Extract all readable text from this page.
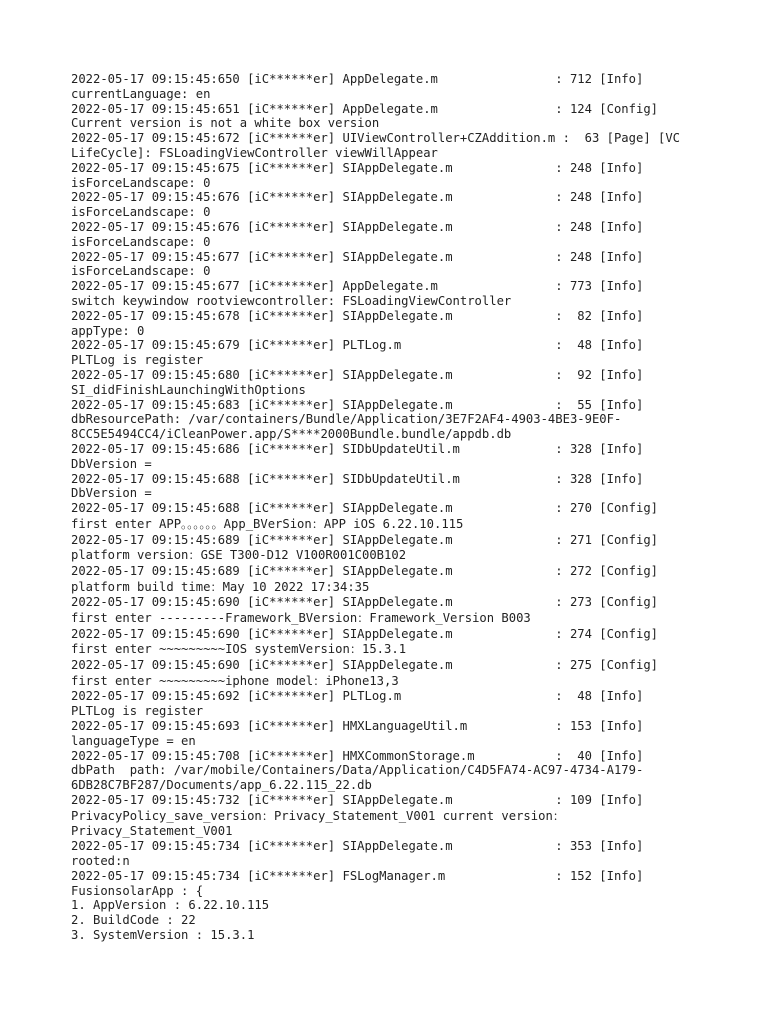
2022-05-17 09:15:45:650 [iC******er] AppDelegate.m                : 712 [Info]
currentLanguage: en
2022-05-17 09:15:45:651 [iC******er] AppDelegate.m                : 124 [Config]
Current version is not a white box version
2022-05-17 09:15:45:672 [iC******er] UIViewController+CZAddition.m :  63 [Page] [VC
LifeCycle]: FSLoadingViewController viewWillAppear
2022-05-17 09:15:45:675 [iC******er] SIAppDelegate.m              : 248 [Info]
isForceLandscape: 0
2022-05-17 09:15:45:676 [iC******er] SIAppDelegate.m              : 248 [Info]
isForceLandscape: 0
2022-05-17 09:15:45:676 [iC******er] SIAppDelegate.m              : 248 [Info]
isForceLandscape: 0
2022-05-17 09:15:45:677 [iC******er] SIAppDelegate.m              : 248 [Info]
isForceLandscape: 0
2022-05-17 09:15:45:677 [iC******er] AppDelegate.m                : 773 [Info]
switch keywindow rootviewcontroller: FSLoadingViewController
2022-05-17 09:15:45:678 [iC******er] SIAppDelegate.m              :  82 [Info]
appType: 0
2022-05-17 09:15:45:679 [iC******er] PLTLog.m                     :  48 [Info]
PLTLog is register
2022-05-17 09:15:45:680 [iC******er] SIAppDelegate.m              :  92 [Info]
SI_didFinishLaunchingWithOptions
2022-05-17 09:15:45:683 [iC******er] SIAppDelegate.m              :  55 [Info]
dbResourcePath: /var/containers/Bundle/Application/3E7F2AF4-4903-4BE3-9E0F-
8CC5E5494CC4/iCleanPower.app/S****2000Bundle.bundle/appdb.db
2022-05-17 09:15:45:686 [iC******er] SIDbUpdateUtil.m             : 328 [Info]
DbVersion =
2022-05-17 09:15:45:688 [iC******er] SIDbUpdateUtil.m             : 328 [Info]
DbVersion =
2022-05-17 09:15:45:688 [iC******er] SIAppDelegate.m              : 270 [Config]
first enter APP。。。。。。App_BVerSion：APP iOS 6.22.10.115
2022-05-17 09:15:45:689 [iC******er] SIAppDelegate.m              : 271 [Config]
platform version：GSE T300-D12 V100R001C00B102
2022-05-17 09:15:45:689 [iC******er] SIAppDelegate.m              : 272 [Config]
platform build time：May 10 2022 17:34:35
2022-05-17 09:15:45:690 [iC******er] SIAppDelegate.m              : 273 [Config]
first enter ---------Framework_BVersion：Framework_Version B003
2022-05-17 09:15:45:690 [iC******er] SIAppDelegate.m              : 274 [Config]
first enter ~~~~~~~~~IOS systemVersion：15.3.1
2022-05-17 09:15:45:690 [iC******er] SIAppDelegate.m              : 275 [Config]
first enter ~~~~~~~~~iphone model：iPhone13,3
2022-05-17 09:15:45:692 [iC******er] PLTLog.m                     :  48 [Info]
PLTLog is register
2022-05-17 09:15:45:693 [iC******er] HMXLanguageUtil.m            : 153 [Info]
languageType = en
2022-05-17 09:15:45:708 [iC******er] HMXCommonStorage.m           :  40 [Info]
dbPath  path: /var/mobile/Containers/Data/Application/C4D5FA74-AC97-4734-A179-
6DB28C7BF287/Documents/app_6.22.115_22.db
2022-05-17 09:15:45:732 [iC******er] SIAppDelegate.m              : 109 [Info]
PrivacyPolicy_save_version：Privacy_Statement_V001 current version：
Privacy_Statement_V001
2022-05-17 09:15:45:734 [iC******er] SIAppDelegate.m              : 353 [Info]
rooted:n
2022-05-17 09:15:45:734 [iC******er] FSLogManager.m               : 152 [Info]
FusionsolarApp : {
1. AppVersion : 6.22.10.115
2. BuildCode : 22
3. SystemVersion : 15.3.1
